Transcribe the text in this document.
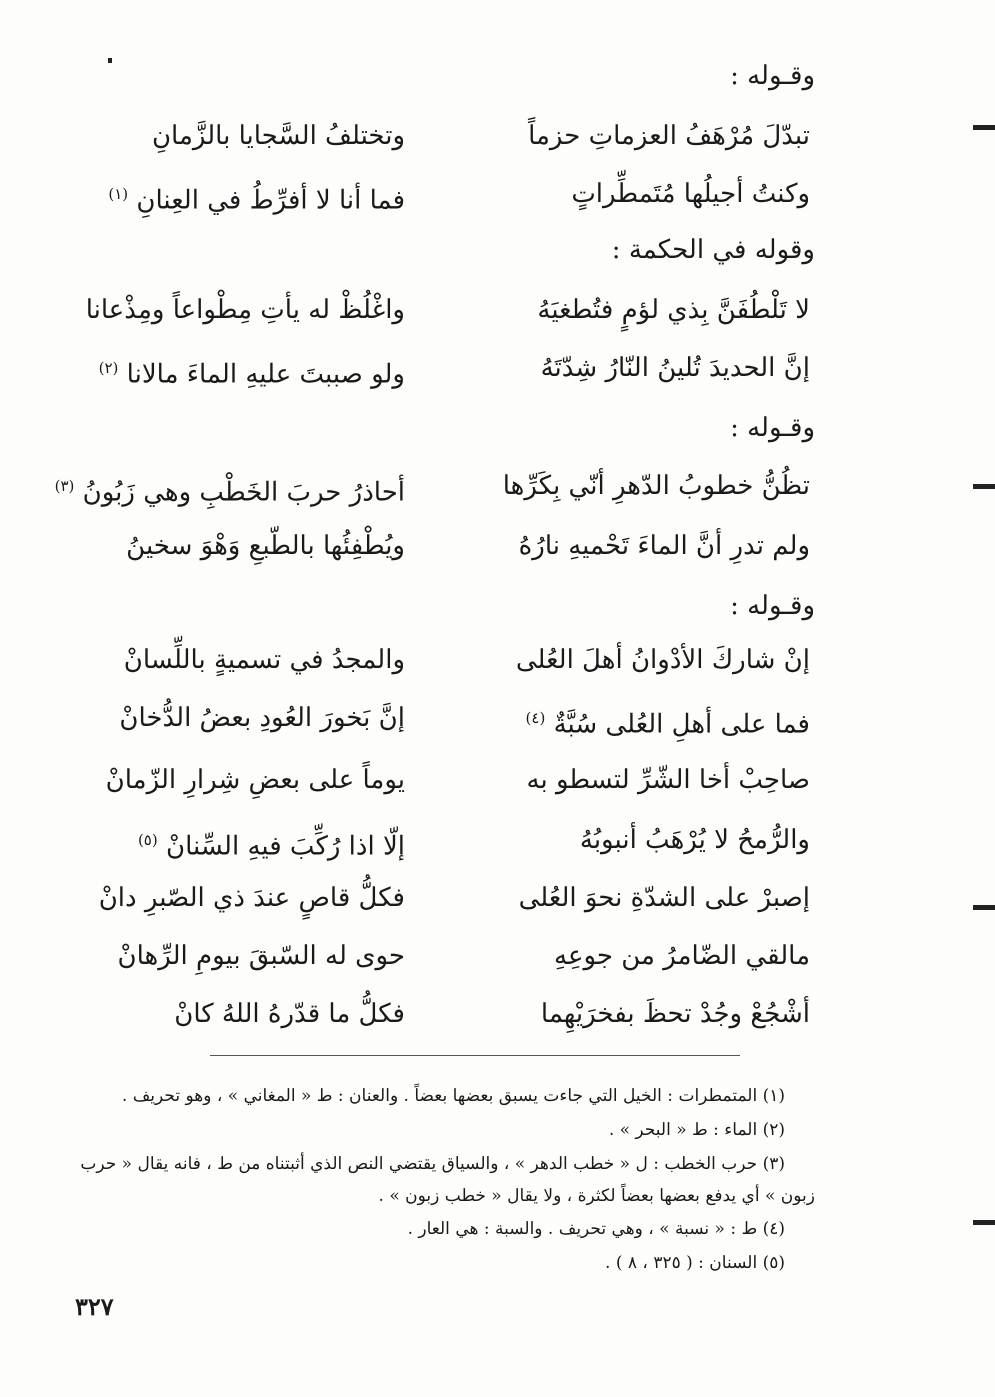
وقـوله :
وقوله في الحكمة :
وقـوله :
وقـوله :
تبدّلَ مُرْهَفُ العزماتِ حزماً
وتختلفُ السَّجايا بالزَّمانِ
وكنتُ أجيلُها مُتَمطِّراتٍ
فما أنا لا أفرِّطُ في العِنانِ $^{(١)}$
لا تَلْطُفَنَّ بِذي لؤمٍ فتُطغيَهُ
واغْلُظْ له يأتِ مِطْواعاً ومِذْعانا
إنَّ الحديدَ تُلينُ النّارُ شِدّتَهُ
ولو صببتَ عليهِ الماءَ مالانا $^{(٢)}$
تظُنُّ خطوبُ الدّهرِ أنّي بِكَرِّها
أحاذرُ حربَ الخَطْبِ وهي زَبُونُ $^{(٣)}$
ولم تدرِ أنَّ الماءَ تَحْميهِ نارُهُ
ويُطْفِئُها بالطّبعِ وَهْوَ سخينُ
إنْ شاركَ الأدْوانُ أهلَ العُلى
والمجدُ في تسميةٍ باللِّسانْ
فما على أهلِ العُلى سُبَّةٌ $^{(٤)}$
إنَّ بَخورَ العُودِ بعضُ الدُّخانْ
صاحِبْ أخا الشّرِّ لتسطو به
يوماً على بعضِ شِرارِ الزّمانْ
والرُّمحُ لا يُرْهَبُ أنبوبُهُ
إلّا اذا رُكِّبَ فيهِ السِّنانْ $^{(٥)}$
إصبرْ على الشدّةِ نحوَ العُلى
فكلُّ قاصٍ عندَ ذي الصّبرِ دانْ
مالقي الضّامرُ من جوعِهِ
حوى له السّبقَ بيومِ الرِّهانْ
أشْجُعْ وجُدْ تحظَ بفخرَيْهِما
فكلُّ ما قدّرهُ اللهُ كانْ
(١) المتمطرات : الخيل التي جاءت يسبق بعضها بعضاً . والعنان : ط « المغاني » ، وهو تحريف .
(٢) الماء : ط « البحر » .
(٣) حرب الخطب : ل « خطب الدهر » ، والسياق يقتضي النص الذي أثبتناه من ط ، فانه يقال « حرب
زبون » أي يدفع بعضها بعضاً لكثرة ، ولا يقال « خطب زبون » .
(٤) ط : « نسبة » ، وهي تحريف . والسبة : هي العار .
(٥) السنان : ( ٣٢٥ ، ٨ ) .
٣٢٧
